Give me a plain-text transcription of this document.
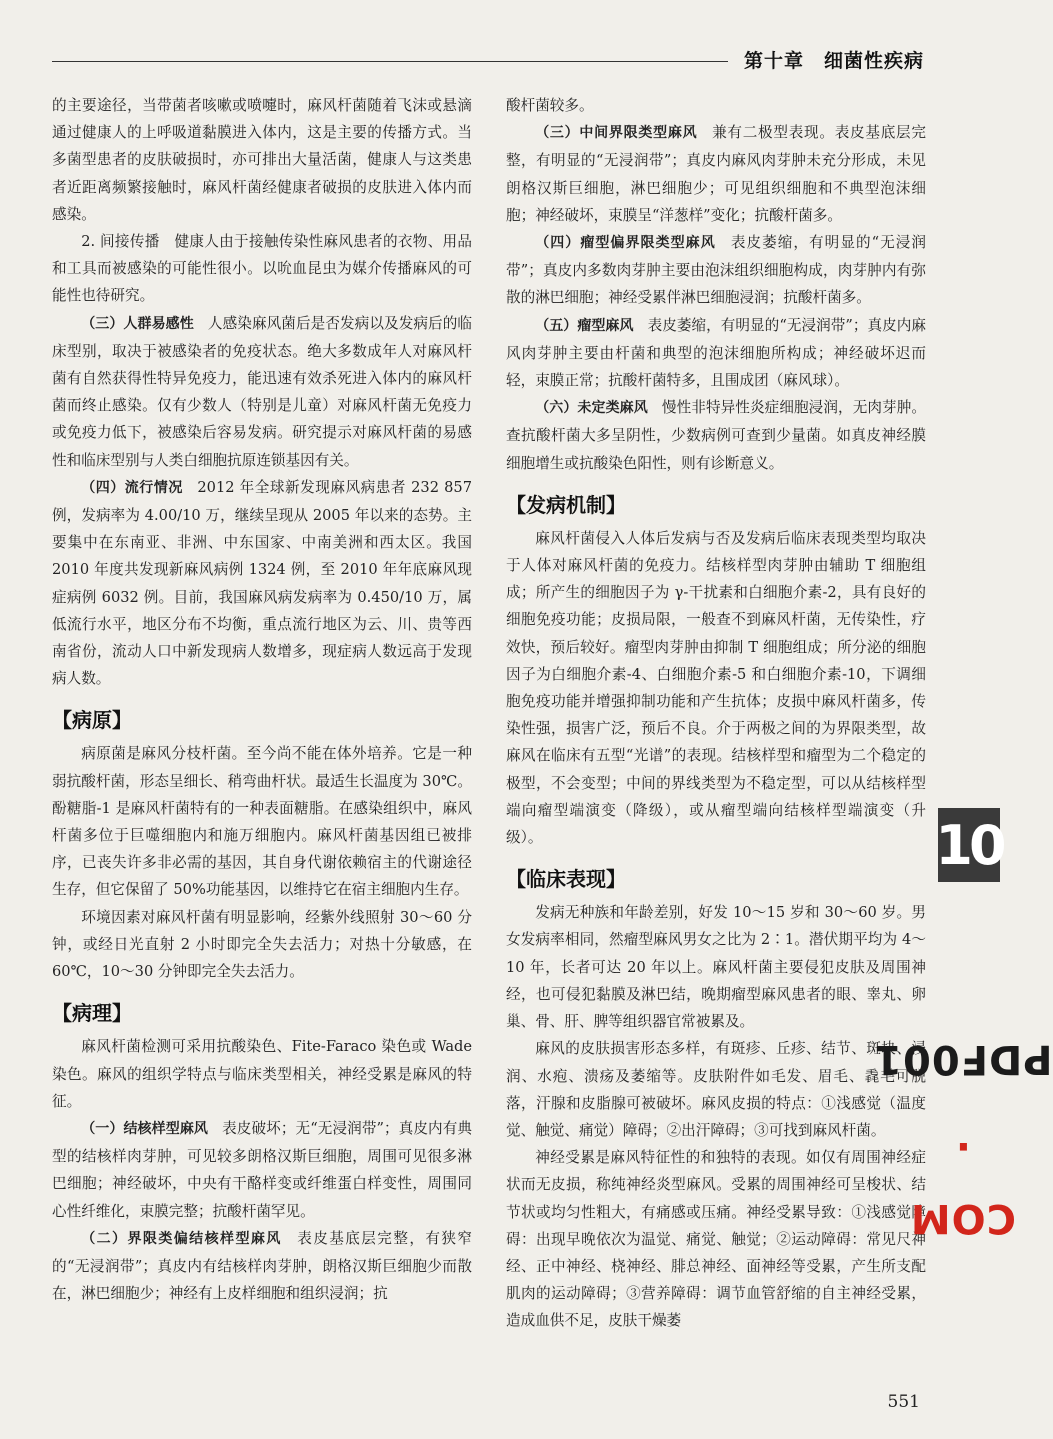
第十章　细菌性疾病

的主要途径，当带菌者咳嗽或喷嚏时，麻风杆菌随着飞沫或悬滴通过健康人的上呼吸道黏膜进入体内，这是主要的传播方式。当多菌型患者的皮肤破损时，亦可排出大量活菌，健康人与这类患者近距离频繁接触时，麻风杆菌经健康者破损的皮肤进入体内而感染。

2. 间接传播　健康人由于接触传染性麻风患者的衣物、用品和工具而被感染的可能性很小。以吮血昆虫为媒介传播麻风的可能性也待研究。

（三）人群易感性　人感染麻风菌后是否发病以及发病后的临床型别，取决于被感染者的免疫状态。绝大多数成年人对麻风杆菌有自然获得性特异免疫力，能迅速有效杀死进入体内的麻风杆菌而终止感染。仅有少数人（特别是儿童）对麻风杆菌无免疫力或免疫力低下，被感染后容易发病。研究提示对麻风杆菌的易感性和临床型别与人类白细胞抗原连锁基因有关。

（四）流行情况　2012 年全球新发现麻风病患者 232 857例，发病率为 4.00/10 万，继续呈现从 2005 年以来的态势。主要集中在东南亚、非洲、中东国家、中南美洲和西太区。我国 2010 年度共发现新麻风病例 1324 例，至 2010 年年底麻风现症病例 6032 例。目前，我国麻风病发病率为 0.450/10 万，属低流行水平，地区分布不均衡，重点流行地区为云、川、贵等西南省份，流动人口中新发现病人数增多，现症病人数远高于发现病人数。

【病原】

病原菌是麻风分枝杆菌。至今尚不能在体外培养。它是一种弱抗酸杆菌，形态呈细长、稍弯曲杆状。最适生长温度为 30℃。酚糖脂-1 是麻风杆菌特有的一种表面糖脂。在感染组织中，麻风杆菌多位于巨噬细胞内和施万细胞内。麻风杆菌基因组已被排序，已丧失许多非必需的基因，其自身代谢依赖宿主的代谢途径生存，但它保留了 50%功能基因，以维持它在宿主细胞内生存。

环境因素对麻风杆菌有明显影响，经紫外线照射 30～60 分钟，或经日光直射 2 小时即完全失去活力；对热十分敏感，在 60℃，10～30 分钟即完全失去活力。

【病理】

麻风杆菌检测可采用抗酸染色、Fite-Faraco 染色或 Wade 染色。麻风的组织学特点与临床类型相关，神经受累是麻风的特征。

（一）结核样型麻风　表皮破坏；无“无浸润带”；真皮内有典型的结核样肉芽肿，可见较多朗格汉斯巨细胞，周围可见很多淋巴细胞；神经破坏，中央有干酪样变或纤维蛋白样变性，周围同心性纤维化，束膜完整；抗酸杆菌罕见。

（二）界限类偏结核样型麻风　表皮基底层完整，有狭窄的“无浸润带”；真皮内有结核样肉芽肿，朗格汉斯巨细胞少而散在，淋巴细胞少；神经有上皮样细胞和组织浸润；抗

酸杆菌较多。

（三）中间界限类型麻风　兼有二极型表现。表皮基底层完整，有明显的“无浸润带”；真皮内麻风肉芽肿未充分形成，未见朗格汉斯巨细胞，淋巴细胞少；可见组织细胞和不典型泡沫细胞；神经破坏，束膜呈“洋葱样”变化；抗酸杆菌多。

（四）瘤型偏界限类型麻风　表皮萎缩，有明显的“无浸润带”；真皮内多数肉芽肿主要由泡沫组织细胞构成，肉芽肿内有弥散的淋巴细胞；神经受累伴淋巴细胞浸润；抗酸杆菌多。

（五）瘤型麻风　表皮萎缩，有明显的“无浸润带”；真皮内麻风肉芽肿主要由杆菌和典型的泡沫细胞所构成；神经破坏迟而轻，束膜正常；抗酸杆菌特多，且围成团（麻风球）。

（六）未定类麻风　慢性非特异性炎症细胞浸润，无肉芽肿。查抗酸杆菌大多呈阴性，少数病例可查到少量菌。如真皮神经膜细胞增生或抗酸染色阳性，则有诊断意义。

【发病机制】

麻风杆菌侵入人体后发病与否及发病后临床表现类型均取决于人体对麻风杆菌的免疫力。结核样型肉芽肿由辅助 T 细胞组成；所产生的细胞因子为 γ-干扰素和白细胞介素-2，具有良好的细胞免疫功能；皮损局限，一般查不到麻风杆菌，无传染性，疗效快，预后较好。瘤型肉芽肿由抑制 T 细胞组成；所分泌的细胞因子为白细胞介素-4、白细胞介素-5 和白细胞介素-10，下调细胞免疫功能并增强抑制功能和产生抗体；皮损中麻风杆菌多，传染性强，损害广泛，预后不良。介于两极之间的为界限类型，故麻风在临床有五型“光谱”的表现。结核样型和瘤型为二个稳定的极型，不会变型；中间的界线类型为不稳定型，可以从结核样型端向瘤型端演变（降级），或从瘤型端向结核样型端演变（升级）。

【临床表现】

发病无种族和年龄差别，好发 10～15 岁和 30～60 岁。男女发病率相同，然瘤型麻风男女之比为 2∶1。潜伏期平均为 4～10 年，长者可达 20 年以上。麻风杆菌主要侵犯皮肤及周围神经，也可侵犯黏膜及淋巴结，晚期瘤型麻风患者的眼、睾丸、卵巢、骨、肝、脾等组织器官常被累及。

麻风的皮肤损害形态多样，有斑疹、丘疹、结节、斑块、浸润、水疱、溃疡及萎缩等。皮肤附件如毛发、眉毛、毳毛可脱落，汗腺和皮脂腺可被破坏。麻风皮损的特点：①浅感觉（温度觉、触觉、痛觉）障碍；②出汗障碍；③可找到麻风杆菌。

神经受累是麻风特征性的和独特的表现。如仅有周围神经症状而无皮损，称纯神经炎型麻风。受累的周围神经可呈梭状、结节状或均匀性粗大，有痛感或压痛。神经受累导致：①浅感觉障碍：出现早晚依次为温觉、痛觉、触觉；②运动障碍：常见尺神经、正中神经、桡神经、腓总神经、面神经等受累，产生所支配肌肉的运动障碍；③营养障碍：调节血管舒缩的自主神经受累，造成血供不足，皮肤干燥萎

10
PDF001.COM
551
